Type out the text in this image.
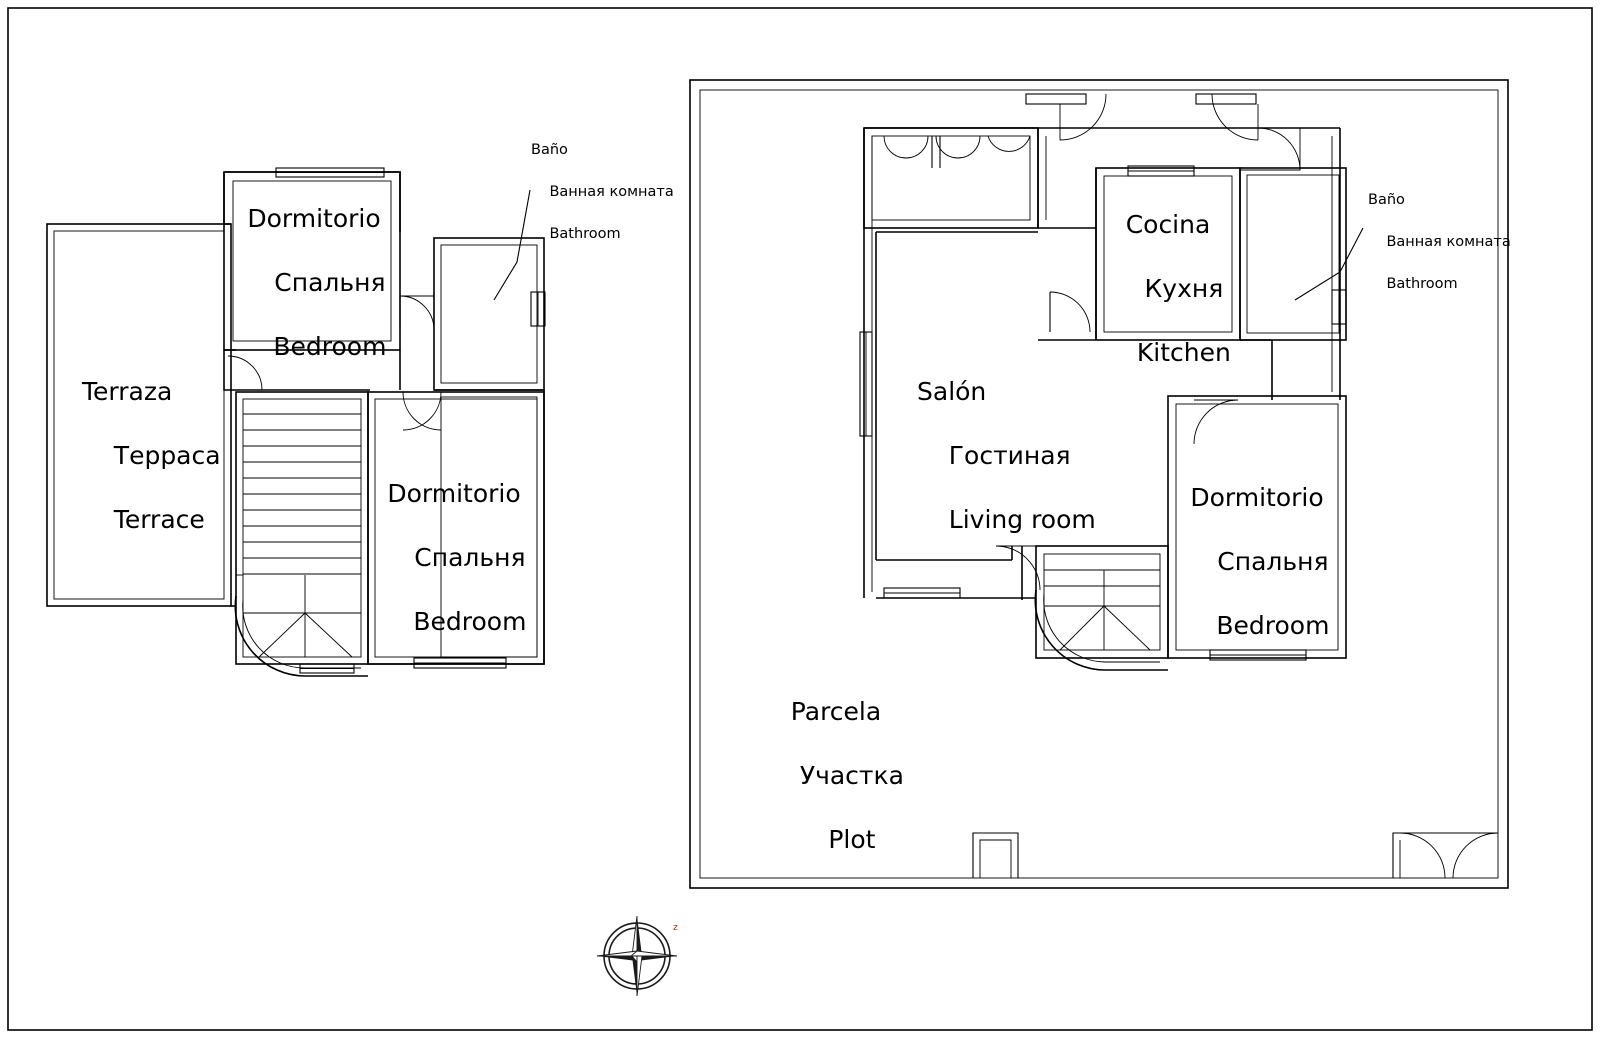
z
Baño

Ванная комната

Bathroom

Dormitorio

Спальня

Bedroom

Terraza

Террaса

Terrace

Dormitorio

Спальня

Bedroom

Baño

Ванная комната

Bathroom

Cocina

Кухня

Kitchen

Salón

Гостиная

Living room

Dormitorio

Спальня

Bedroom

Parcela

Участка

Plot
